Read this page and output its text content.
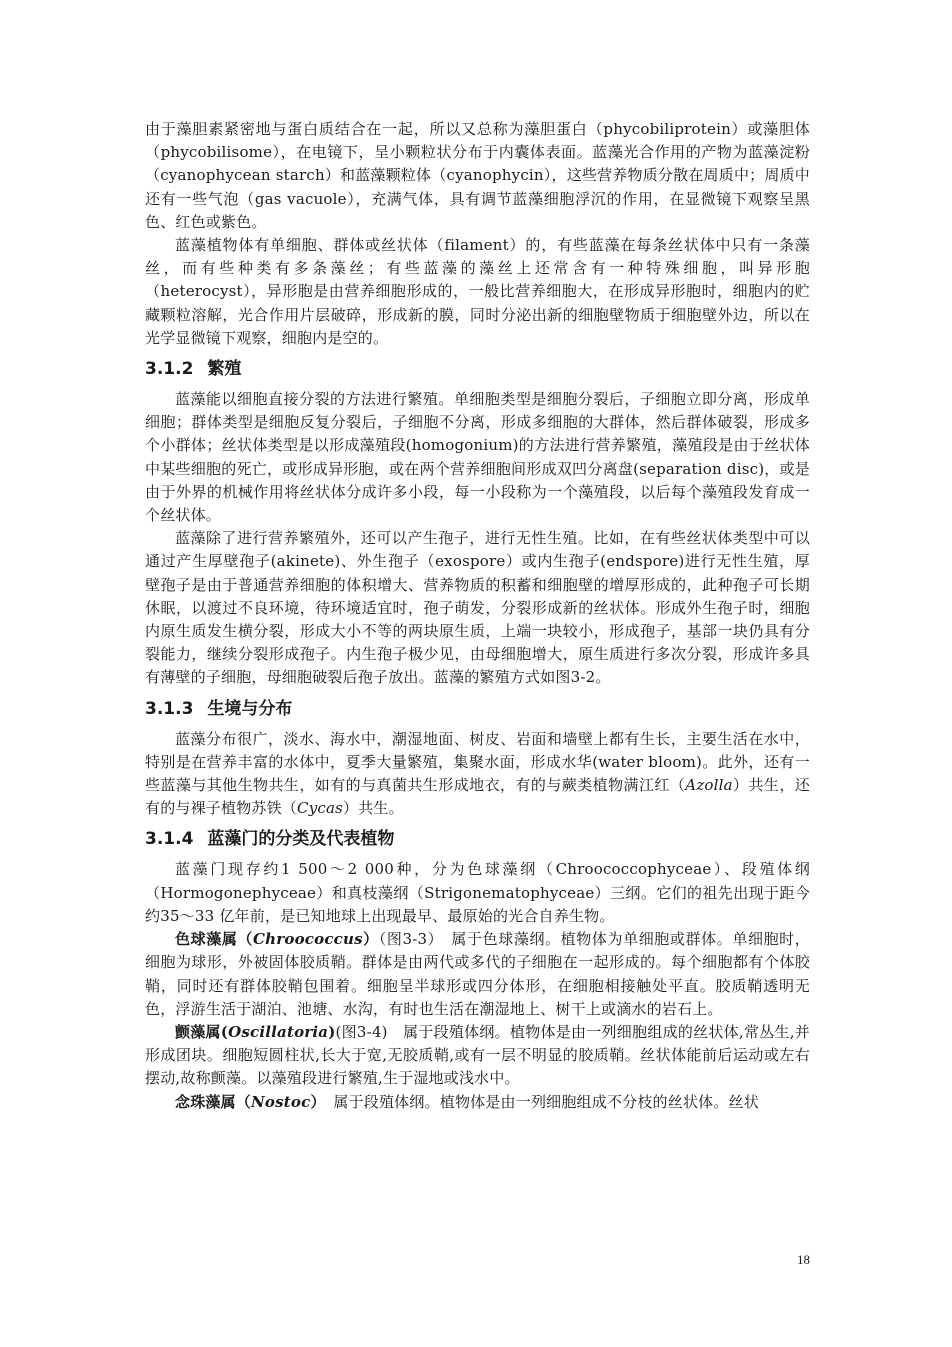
由于藻胆素紧密地与蛋白质结合在一起，所以又总称为藻胆蛋白（phycobiliprotein）或藻胆体（phycobilisome），在电镜下，呈小颗粒状分布于内囊体表面。蓝藻光合作用的产物为蓝藻淀粉（cyanophycean starch）和蓝藻颗粒体（cyanophycin），这些营养物质分散在周质中；周质中还有一些气泡（gas vacuole），充满气体，具有调节蓝藻细胞浮沉的作用，在显微镜下观察呈黑色、红色或紫色。

蓝藻植物体有单细胞、群体或丝状体（filament）的，有些蓝藻在每条丝状体中只有一条藻丝，而有些种类有多条藻丝；有些蓝藻的藻丝上还常含有一种特殊细胞，叫异形胞（heterocyst），异形胞是由营养细胞形成的，一般比营养细胞大，在形成异形胞时，细胞内的贮藏颗粒溶解，光合作用片层破碎，形成新的膜，同时分泌出新的细胞壁物质于细胞壁外边，所以在光学显微镜下观察，细胞内是空的。

3.1.2 繁殖

蓝藻能以细胞直接分裂的方法进行繁殖。单细胞类型是细胞分裂后，子细胞立即分离，形成单细胞；群体类型是细胞反复分裂后，子细胞不分离，形成多细胞的大群体，然后群体破裂，形成多个小群体；丝状体类型是以形成藻殖段(homogonium)的方法进行营养繁殖，藻殖段是由于丝状体中某些细胞的死亡，或形成异形胞，或在两个营养细胞间形成双凹分离盘(separation disc)，或是由于外界的机械作用将丝状体分成许多小段，每一小段称为一个藻殖段，以后每个藻殖段发育成一个丝状体。

蓝藻除了进行营养繁殖外，还可以产生孢子，进行无性生殖。比如，在有些丝状体类型中可以通过产生厚壁孢子(akinete)、外生孢子（exospore）或内生孢子(endspore)进行无性生殖，厚壁孢子是由于普通营养细胞的体积增大、营养物质的积蓄和细胞壁的增厚形成的，此种孢子可长期休眠，以渡过不良环境，待环境适宜时，孢子萌发，分裂形成新的丝状体。形成外生孢子时，细胞内原生质发生横分裂，形成大小不等的两块原生质，上端一块较小，形成孢子，基部一块仍具有分裂能力，继续分裂形成孢子。内生孢子极少见，由母细胞增大，原生质进行多次分裂，形成许多具有薄壁的子细胞，母细胞破裂后孢子放出。蓝藻的繁殖方式如图3-2。

3.1.3 生境与分布

蓝藻分布很广，淡水、海水中，潮湿地面、树皮、岩面和墙壁上都有生长，主要生活在水中，特别是在营养丰富的水体中，夏季大量繁殖，集聚水面，形成水华(water bloom)。此外，还有一些蓝藻与其他生物共生，如有的与真菌共生形成地衣，有的与蕨类植物满江红（Azolla）共生，还有的与裸子植物苏铁（Cycas）共生。

3.1.4 蓝藻门的分类及代表植物

蓝藻门现存约1 500～2 000种，分为色球藻纲（Chroococcophyceae）、段殖体纲（Hormogonephyceae）和真枝藻纲（Strigonematophyceae）三纲。它们的祖先出现于距今约35～33 亿年前，是已知地球上出现最早、最原始的光合自养生物。

色球藻属（Chroococcus）（图3-3）　属于色球藻纲。植物体为单细胞或群体。单细胞时，细胞为球形，外被固体胶质鞘。群体是由两代或多代的子细胞在一起形成的。每个细胞都有个体胶鞘，同时还有群体胶鞘包围着。细胞呈半球形或四分体形，在细胞相接触处平直。胶质鞘透明无色，浮游生活于湖泊、池塘、水沟，有时也生活在潮湿地上、树干上或滴水的岩石上。

颤藻属(Oscillatoria)(图3-4)　属于段殖体纲。植物体是由一列细胞组成的丝状体,常丛生,并形成团块。细胞短圆柱状,长大于宽,无胶质鞘,或有一层不明显的胶质鞘。丝状体能前后运动或左右摆动,故称颤藻。以藻殖段进行繁殖,生于湿地或浅水中。

念珠藻属（Nostoc）　属于段殖体纲。植物体是由一列细胞组成不分枝的丝状体。丝状

18
